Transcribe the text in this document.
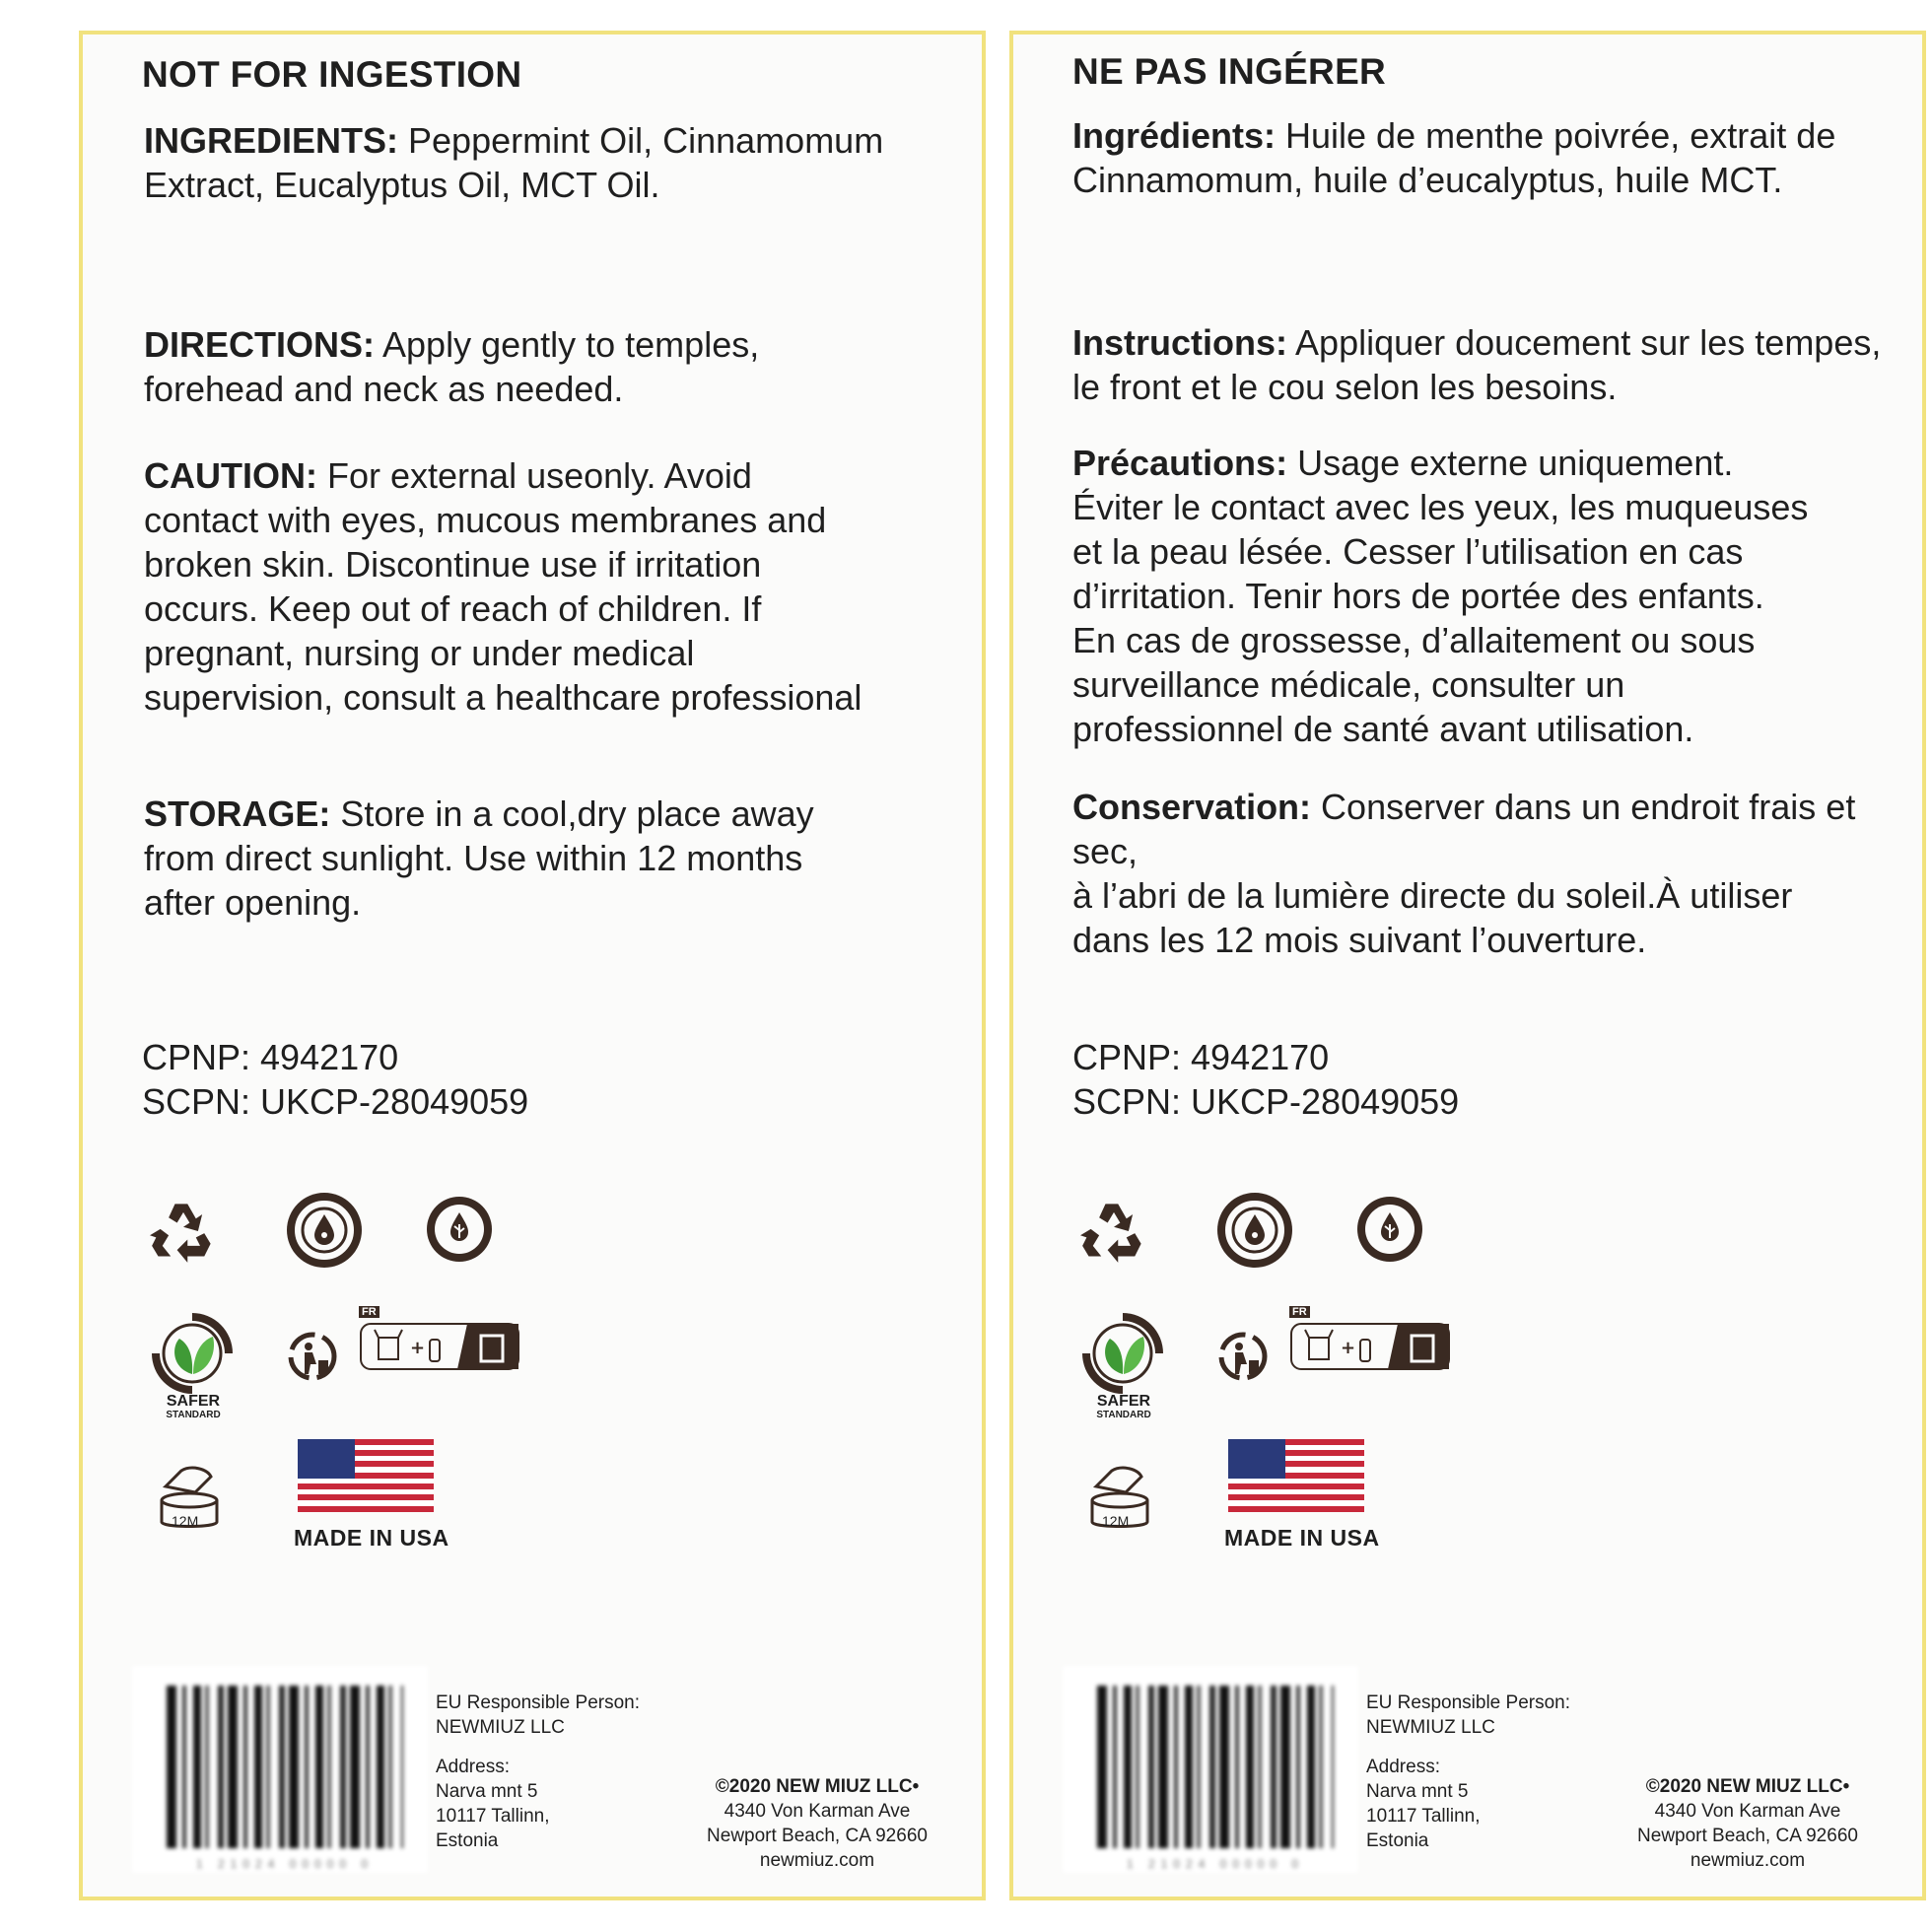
NOT FOR INGESTION
INGREDIENTS: Peppermint Oil, Cinnamomum
Extract, Eucalyptus Oil, MCT Oil.
DIRECTIONS: Apply gently to temples,
forehead and neck as needed.
CAUTION: For external useonly. Avoid
contact with eyes, mucous membranes and
broken skin. Discontinue use if irritation
occurs. Keep out of reach of children. If
pregnant, nursing or under medical
supervision, consult a healthcare professional
STORAGE: Store in a cool,dry place away
from direct sunlight. Use within 12 months
after opening.
CPNP: 4942170
SCPN: UKCP-28049059
SAFER
STANDARD
FR
+
12M
MADE IN USA
1 21024 00000 0
EU Responsible Person:
NEWMIUZ LLC
Address:
Narva mnt 5
10117 Tallinn,
Estonia
©2020 NEW MIUZ LLC•
4340 Von Karman Ave
Newport Beach, CA 92660
newmiuz.com
NE PAS INGÉRER
Ingrédients: Huile de menthe poivrée, extrait de
Cinnamomum, huile d’eucalyptus, huile MCT.
Instructions: Appliquer doucement sur les tempes,
le front et le cou selon les besoins.
Précautions: Usage externe uniquement.
Éviter le contact avec les yeux, les muqueuses
et la peau lésée. Cesser l’utilisation en cas
d’irritation. Tenir hors de portée des enfants.
En cas de grossesse, d’allaitement ou sous
surveillance médicale, consulter un
professionnel de santé avant utilisation.
Conservation: Conserver dans un endroit frais et sec,
à l’abri de la lumière directe du soleil.À utiliser
dans les 12 mois suivant l’ouverture.
CPNP: 4942170
SCPN: UKCP-28049059
SAFER
STANDARD
FR
+
12M
MADE IN USA
1 21024 00000 0
EU Responsible Person:
NEWMIUZ LLC
Address:
Narva mnt 5
10117 Tallinn,
Estonia
©2020 NEW MIUZ LLC•
4340 Von Karman Ave
Newport Beach, CA 92660
newmiuz.com
